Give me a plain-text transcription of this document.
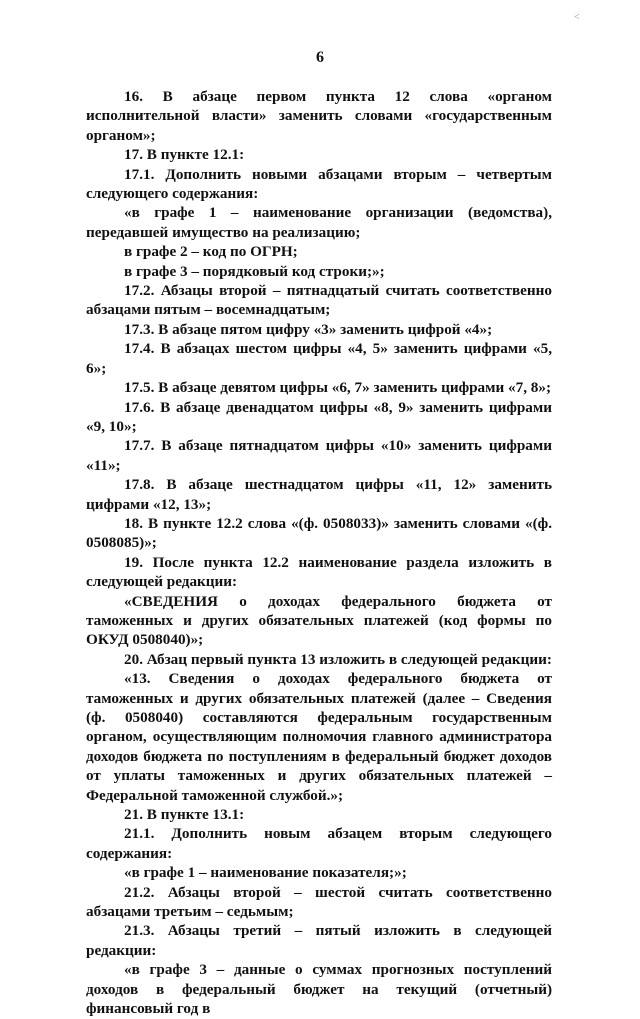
<
6

16. В абзаце первом пункта 12 слова «органом исполнительной власти» заменить словами «государственным органом»;

17. В пункте 12.1:

17.1. Дополнить новыми абзацами вторым – четвертым следующего содержания:

«в графе 1 – наименование организации (ведомства), передавшей имущество на реализацию;

в графе 2 – код по ОГРН;

в графе 3 – порядковый код строки;»;

17.2. Абзацы второй – пятнадцатый считать соответственно абзацами пятым – восемнадцатым;

17.3. В абзаце пятом цифру «3» заменить цифрой «4»;

17.4. В абзацах шестом цифры «4, 5» заменить цифрами «5, 6»;

17.5. В абзаце девятом цифры «6, 7» заменить цифрами «7, 8»;

17.6. В абзаце двенадцатом цифры «8, 9» заменить цифрами «9, 10»;

17.7. В абзаце пятнадцатом цифры «10» заменить цифрами «11»;

17.8. В абзаце шестнадцатом цифры «11, 12» заменить цифрами «12, 13»;

18. В пункте 12.2 слова «(ф. 0508033)» заменить словами «(ф. 0508085)»;

19. После пункта 12.2 наименование раздела изложить в следующей редакции:

«СВЕДЕНИЯ о доходах федерального бюджета от таможенных и других обязательных платежей (код формы по ОКУД 0508040)»;

20. Абзац первый пункта 13 изложить в следующей редакции:

«13. Сведения о доходах федерального бюджета от таможенных и других обязательных платежей (далее – Сведения (ф. 0508040) составляются федеральным государственным органом, осуществляющим полномочия главного администратора доходов бюджета по поступлениям в федеральный бюджет доходов от уплаты таможенных и других обязательных платежей – Федеральной таможенной службой.»;

21. В пункте 13.1:

21.1. Дополнить новым абзацем вторым следующего содержания:

«в графе 1 – наименование показателя;»;

21.2. Абзацы второй – шестой считать соответственно абзацами третьим – седьмым;

21.3. Абзацы третий – пятый изложить в следующей редакции:

«в графе 3 – данные о суммах прогнозных поступлений доходов в федеральный бюджет на текущий (отчетный) финансовый год в
